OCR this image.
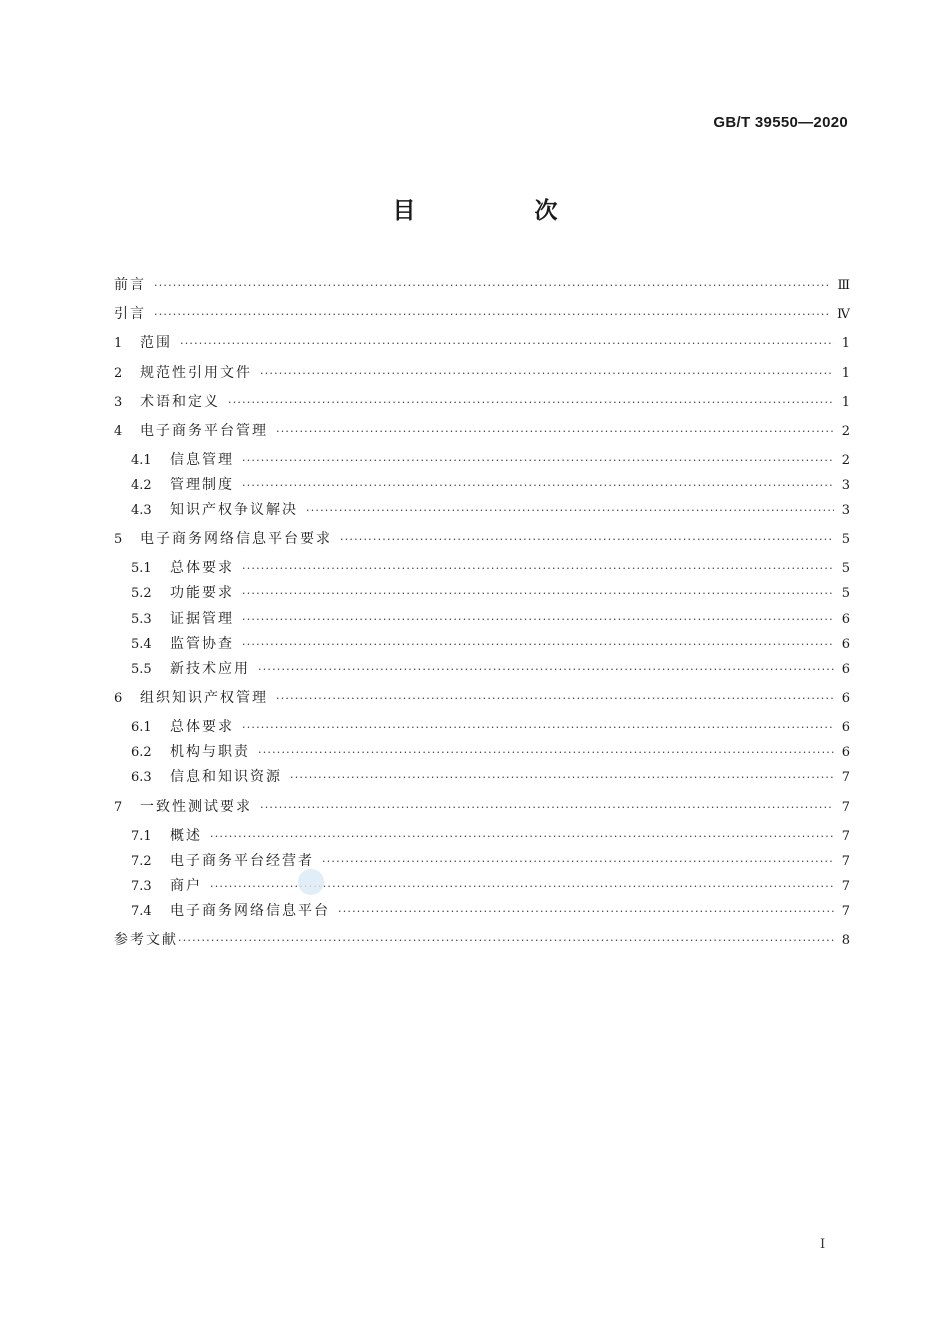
GB/T 39550—2020
目　次
前言 ·····	Ⅲ
引言 ·····	Ⅳ
1	范围 ·····	1
2	规范性引用文件 ·····	1
3	术语和定义 ·····	1
4	电子商务平台管理 ·····	2
4.1	信息管理 ·····	2
4.2	管理制度 ·····	3
4.3	知识产权争议解决 ·····	3
5	电子商务网络信息平台要求 ·····	5
5.1	总体要求 ·····	5
5.2	功能要求 ·····	5
5.3	证据管理 ·····	6
5.4	监管协查 ·····	6
5.5	新技术应用 ·····	6
6	组织知识产权管理 ·····	6
6.1	总体要求 ·····	6
6.2	机构与职责 ·····	6
6.3	信息和知识资源 ·····	7
7	一致性测试要求 ·····	7
7.1	概述 ·····	7
7.2	电子商务平台经营者 ·····	7
7.3	商户 ·····	7
7.4	电子商务网络信息平台 ·····	7
参考文献 ·····	8
I
